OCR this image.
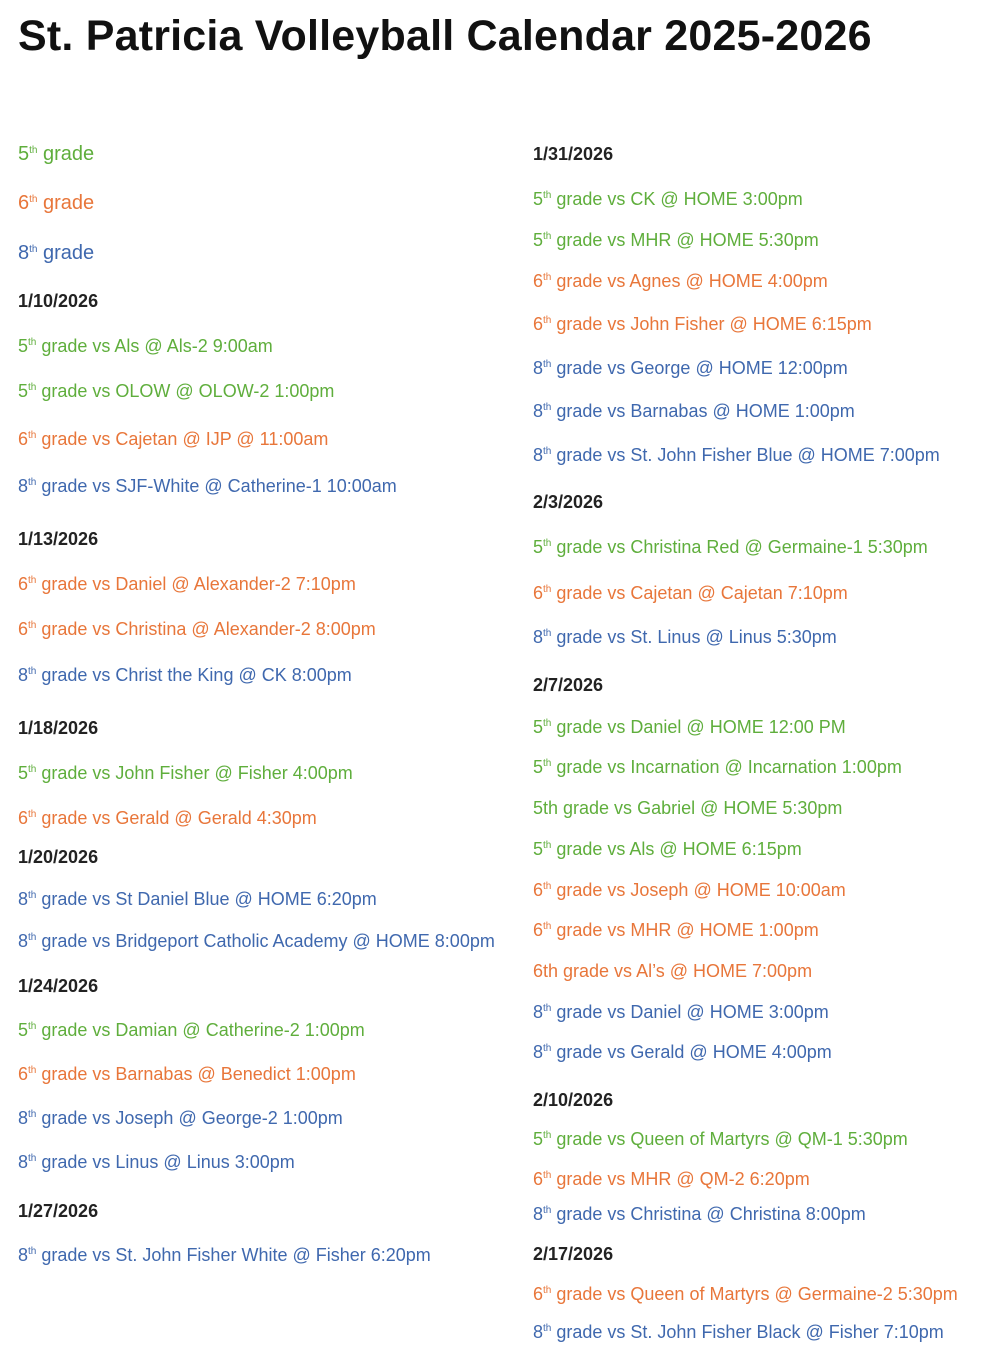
St. Patricia Volleyball Calendar 2025-2026
5th grade
6th grade
8th grade
1/10/2026
5th grade vs Als @ Als-2 9:00am
5th grade vs OLOW @ OLOW-2 1:00pm
6th grade vs Cajetan @ IJP @ 11:00am
8th grade vs SJF-White @ Catherine-1 10:00am
1/13/2026
6th grade vs Daniel @ Alexander-2 7:10pm
6th grade vs Christina @ Alexander-2 8:00pm
8th grade vs Christ the King @ CK 8:00pm
1/18/2026
5th grade vs John Fisher @ Fisher 4:00pm
6th grade vs Gerald @ Gerald 4:30pm
1/20/2026
8th grade vs St Daniel Blue @ HOME 6:20pm
8th grade vs Bridgeport Catholic Academy @ HOME 8:00pm
1/24/2026
5th grade vs Damian @ Catherine-2 1:00pm
6th grade vs Barnabas @ Benedict 1:00pm
8th grade vs Joseph @ George-2 1:00pm
8th grade vs Linus @ Linus 3:00pm
1/27/2026
8th grade vs St. John Fisher White @ Fisher 6:20pm
1/31/2026
5th grade vs CK @ HOME 3:00pm
5th grade vs MHR @ HOME 5:30pm
6th grade vs Agnes @ HOME 4:00pm
6th grade vs John Fisher @ HOME 6:15pm
8th grade vs George @ HOME 12:00pm
8th grade vs Barnabas @ HOME 1:00pm
8th grade vs St. John Fisher Blue @ HOME 7:00pm
2/3/2026
5th grade vs Christina Red @ Germaine-1 5:30pm
6th grade vs Cajetan @ Cajetan 7:10pm
8th grade vs St. Linus @ Linus 5:30pm
2/7/2026
5th grade vs Daniel @ HOME 12:00 PM
5th grade vs Incarnation @ Incarnation 1:00pm
5th grade vs Gabriel @ HOME 5:30pm
5th grade vs Als @ HOME 6:15pm
6th grade vs Joseph @ HOME 10:00am
6th grade vs MHR @ HOME 1:00pm
6th grade vs Al’s @ HOME 7:00pm
8th grade vs Daniel @ HOME 3:00pm
8th grade vs Gerald @ HOME 4:00pm
2/10/2026
5th grade vs Queen of Martyrs @ QM-1 5:30pm
6th grade vs MHR @ QM-2 6:20pm
8th grade vs Christina @ Christina 8:00pm
2/17/2026
6th grade vs Queen of Martyrs @ Germaine-2 5:30pm
8th grade vs St. John Fisher Black @ Fisher 7:10pm
